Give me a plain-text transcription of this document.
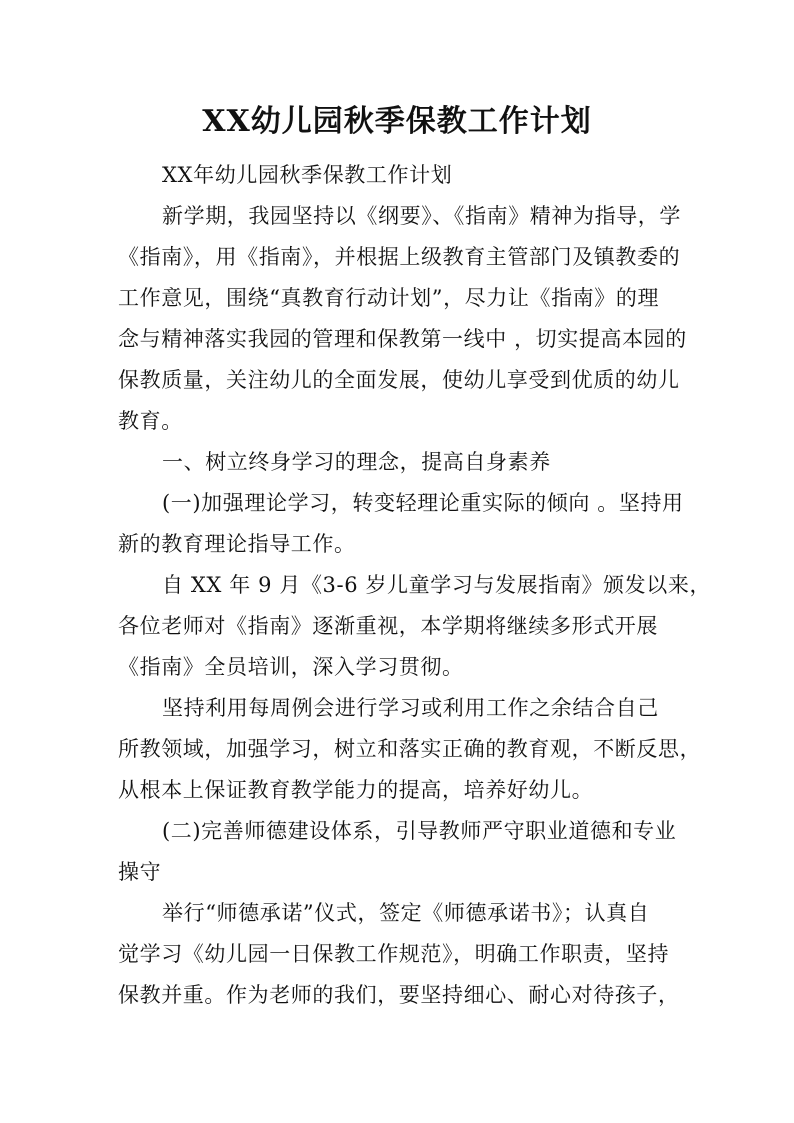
XX幼儿园秋季保教工作计划
XX年幼儿园秋季保教工作计划
新学期，我园坚持以《纲要》、《指南》精神为指导，学
《指南》，用《指南》，并根据上级教育主管部门及镇教委的
工作意见，围绕“真教育行动计划”，尽力让《指南》的理
念与精神落实我园的管理和保教第一线中 ，切实提高本园的
保教质量，关注幼儿的全面发展，使幼儿享受到优质的幼儿
教育。
一、树立终身学习的理念，提高自身素养
(一)加强理论学习，转变轻理论重实际的倾向 。坚持用
新的教育理论指导工作。
自 XX 年 9 月《3-6 岁儿童学习与发展指南》颁发以来，
各位老师对《指南》逐渐重视，本学期将继续多形式开展
《指南》全员培训，深入学习贯彻。
坚持利用每周例会进行学习或利用工作之余结合自己
所教领域，加强学习，树立和落实正确的教育观，不断反思，
从根本上保证教育教学能力的提高，培养好幼儿。
(二)完善师德建设体系，引导教师严守职业道德和专业
操守
举行“师德承诺”仪式，签定《师德承诺书》；认真自
觉学习《幼儿园一日保教工作规范》，明确工作职责，坚持
保教并重。作为老师的我们，要坚持细心、耐心对待孩子，
